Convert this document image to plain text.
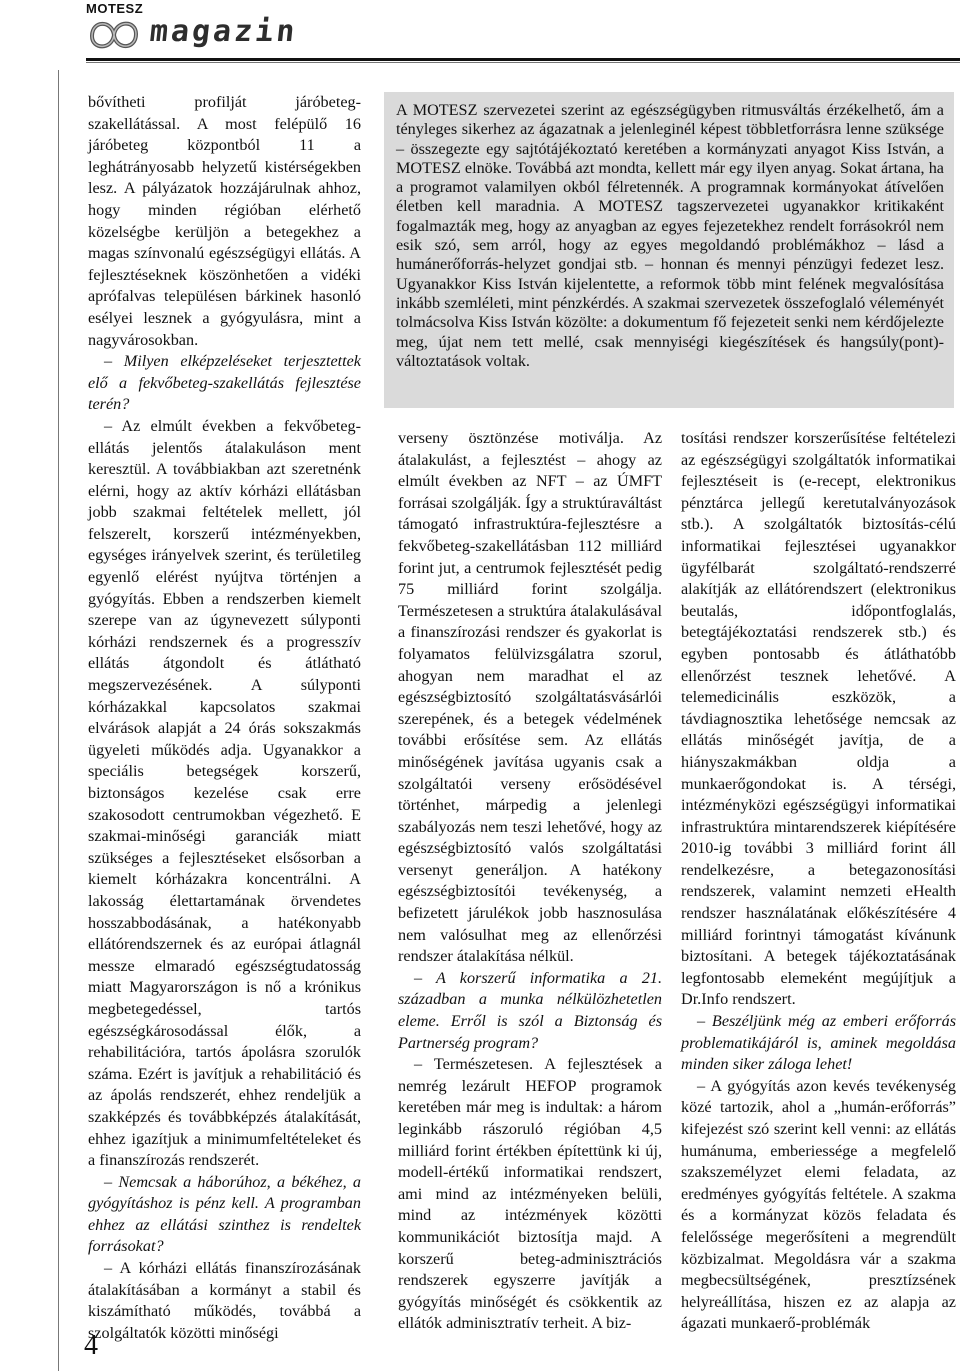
MOTESZ
magazin
4

bővítheti profilját járóbeteg-szakellátással. A most felépülő 16 járóbeteg központból 11 a leghátrányosabb helyzetű kistérségekben lesz. A pályázatok hozzájárulnak ahhoz, hogy minden régióban elérhető közelségbe kerüljön a betegekhez a magas színvonalú egészségügyi ellátás. A fejlesztéseknek köszönhetően a vidéki aprófalvas településen bárkinek hasonló esélyei lesznek a gyógyulásra, mint a nagyvárosokban.

– Milyen elképzeléseket terjesztettek elő a fekvőbeteg-szakellátás fejlesztése terén?

– Az elmúlt években a fekvőbeteg-ellátás jelentős átalakuláson ment keresztül. A továbbiakban azt szeretnénk elérni, hogy az aktív kórházi ellátásban jobb szakmai feltételek mellett, jól felszerelt, korszerű intézményekben, egységes irányelvek szerint, és területileg egyenlő elérést nyújtva történjen a gyógyítás. Ebben a rendszerben kiemelt szerepe van az úgynevezett súlyponti kórházi rendszernek és a progresszív ellátás átgondolt és átlátható megszervezésének. A súlyponti kórházakkal kapcsolatos szakmai elvárások alapját a 24 órás sokszakmás ügyeleti működés adja. Ugyanakkor a speciális betegségek korszerű, biztonságos kezelése csak erre szakosodott centrumokban végezhető. E szakmai-minőségi garanciák miatt szükséges a fejlesztéseket elsősorban a kiemelt kórházakra koncentrálni. A lakosság élettartamának örvendetes hosszabbodásának, a hatékonyabb ellátórendszernek és az európai átlagnál messze elmaradó egészségtudatosság miatt Magyarországon is nő a krónikus megbetegedéssel, tartós egészségkárosodással élők, a rehabilitációra, tartós ápolásra szorulók száma. Ezért is javítjuk a rehabilitáció és az ápolás rendszerét, ehhez rendeljük a szakképzés és továbbképzés átalakítását, ehhez igazítjuk a minimumfeltételeket és a finanszírozás rendszerét.

– Nemcsak a háborúhoz, a békéhez, a gyógyításhoz is pénz kell. A programban ehhez az ellátási szinthez is rendeltek forrásokat?

– A kórházi ellátás finanszírozásának átalakításában a kormányt a stabil és kiszámítható működés, továbbá a szolgáltatók közötti minőségi

A MOTESZ szervezetei szerint az egészségügyben ritmusváltás érzékelhető, ám a tényleges sikerhez az ágazatnak a jelenleginél képest többletforrásra lenne szüksége – összegezte egy sajtótájékoztató keretében a kormányzati anyagot Kiss István, a MOTESZ elnöke. Továbbá azt mondta, kellett már egy ilyen anyag. Sokat ártana, ha a programot valamilyen okból félretennék. A programnak kormányokat átívelően életben kell maradnia. A MOTESZ tagszervezetei ugyanakkor kritikaként fogalmazták meg, hogy az anyagban az egyes fejezetekhez rendelt forrásokról nem esik szó, sem arról, hogy az egyes megoldandó problémákhoz – lásd a humánerőforrás-helyzet gondjai stb. – honnan és mennyi pénzügyi fedezet lesz. Ugyanakkor Kiss István kijelentette, a reformok több mint felének megvalósítása inkább szemléleti, mint pénzkérdés. A szakmai szervezetek összefoglaló véleményét tolmácsolva Kiss István közölte: a dokumentum fő fejezeteit senki nem kérdőjelezte meg, újat nem tett mellé, csak mennyiségi kiegészítések és hangsúly(pont)-változtatások voltak.

verseny ösztönzése motiválja. Az átalakulást, a fejlesztést – ahogy az elmúlt években az NFT – az ÚMFT forrásai szolgálják. Így a struktúraváltást támogató infrastruktúra-fejlesztésre a fekvőbeteg-szakellátásban 112 milliárd forint jut, a centrumok fejlesztését pedig 75 milliárd forint szolgálja. Természetesen a struktúra átalakulásával a finanszírozási rendszer és gyakorlat is folyamatos felülvizsgálatra szorul, ahogyan nem maradhat el az egészségbiztosító szolgáltatásvásárlói szerepének, és a betegek védelmének további erősítése sem. Az ellátás minőségének javítása ugyanis csak a szolgáltatói verseny erősödésével történhet, márpedig a jelenlegi szabályozás nem teszi lehetővé, hogy az egészségbiztosító valós szolgáltatási versenyt generáljon. A hatékony egészségbiztosítói tevékenység, a befizetett járulékok jobb hasznosulása nem valósulhat meg az ellenőrzési rendszer átalakítása nélkül.

– A korszerű informatika a 21. században a munka nélkülözhetetlen eleme. Erről is szól a Biztonság és Partnerség program?

– Természetesen. A fejlesztések a nemrég lezárult HEFOP programok keretében már meg is indultak: a három leginkább rászoruló régióban 4,5 milliárd forint értékben építettünk ki új, modell-értékű informatikai rendszert, ami mind az intézményeken belüli, mind az intézmények közötti kommunikációt biztosítja majd. A korszerű beteg-adminisztrációs rendszerek egyszerre javítják a gyógyítás minőségét és csökkentik az ellátók adminisztratív terheit. A biz-

tosítási rendszer korszerűsítése feltételezi az egészségügyi szolgáltatók informatikai fejlesztéseit is (e-recept, elektronikus pénztárca jellegű keretutalványozások stb.). A szolgáltatók biztosítás-célú informatikai fejlesztései ugyanakkor ügyfélbarát szolgáltató-rendszerré alakítják az ellátórendszert (elektronikus beutalás, időpontfoglalás, betegtájékoztatási rendszerek stb.) és egyben pontosabb és átláthatóbb ellenőrzést tesznek lehetővé. A telemedicinális eszközök, a távdiagnosztika lehetősége nemcsak az ellátás minőségét javítja, de a hiányszakmákban oldja a munkaerőgondokat is. A térségi, intézményközi egészségügyi informatikai infrastruktúra mintarendszerek kiépítésére 2010-ig további 3 milliárd forint áll rendelkezésre, a betegazonosítási rendszerek, valamint nemzeti eHealth rendszer használatának előkészítésére 4 milliárd forintnyi támogatást kívánunk biztosítani. A betegek tájékoztatásának legfontosabb elemeként megújítjuk a Dr.Info rendszert.

– Beszéljünk még az emberi erőforrás problematikájáról is, aminek megoldása minden siker záloga lehet!

– A gyógyítás azon kevés tevékenység közé tartozik, ahol a „humán-erőforrás” kifejezést szó szerint kell venni: az ellátás humánuma, emberiessége a megfelelő szakszemélyzet elemi feladata, az eredményes gyógyítás feltétele. A szakma és a kormányzat közös feladata és felelőssége megerősíteni a megrendült közbizalmat. Megoldásra vár a szakma megbecsültségének, presztízsének helyreállítása, hiszen ez az alapja az ágazati munkaerő-problémák
